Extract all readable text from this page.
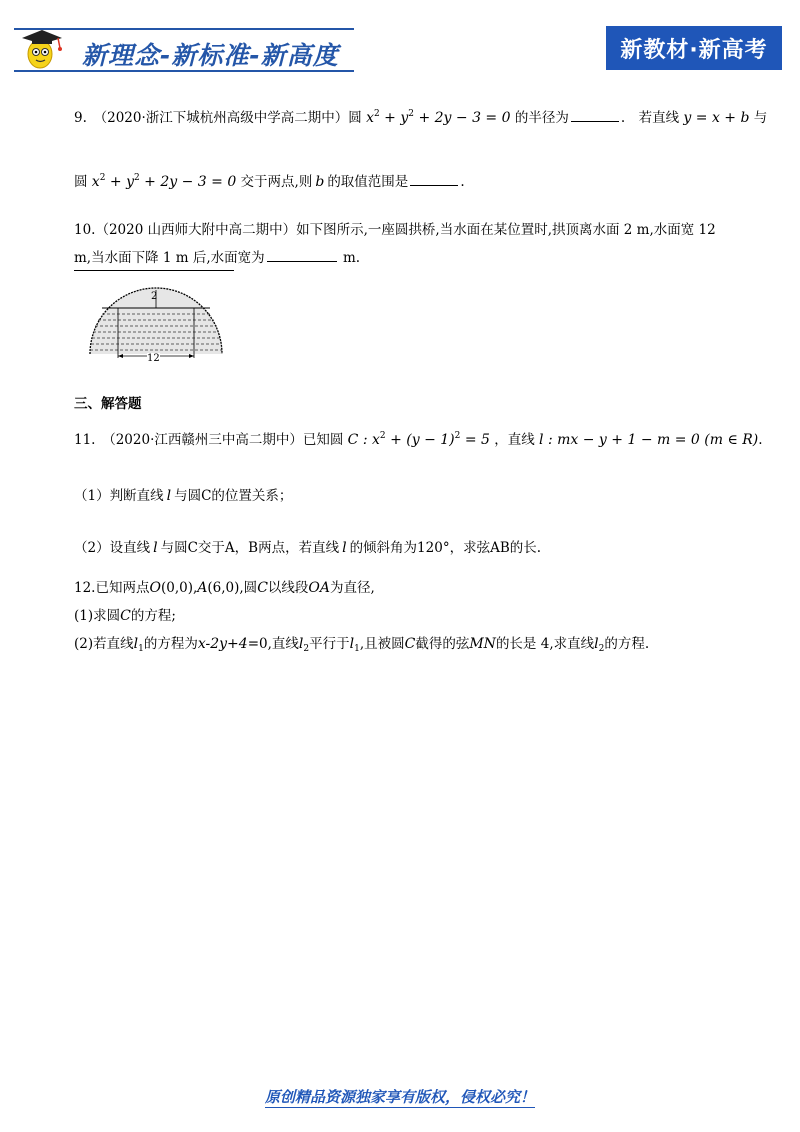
新理念-新标准-新高度	新教材·新高考
9.　（2020·浙江下城杭州高级中学高二期中）圆 $x^2 + y^2 + 2y - 3 = 0$ 的半径为	.　若直线 y = x + b 与
圆 $x^2 + y^2 + 2y - 3 = 0$ 交于两点,则 b 的取值范围是	.
10.（2020 山西师大附中高二期中）如下图所示,一座圆拱桥,当水面在某位置时,拱顶离水面 2 m,水面宽 12
m,当水面下降 1 m 后,水面宽为	m.
2
12
三、解答题
11.　（2020·江西赣州三中高二期中）已知圆 C : $x^2 + (y - 1)^2 = 5$ ，直线 l : mx − y + 1 − m = 0 (m ∈ R).
（1）判断直线 l 与圆C的位置关系；
（2）设直线 l 与圆C交于A，B两点，若直线 l 的倾斜角为120°，求弦AB的长.
12.已知两点O(0,0),A(6,0),圆C以线段OA为直径,
(1)求圆C的方程;
(2)若直线$l_1$的方程为x-2y+4=0,直线$l_2$平行于$l_1$,且被圆C截得的弦MN的长是 4,求直线$l_2$的方程.
原创精品资源独家享有版权，侵权必究！
